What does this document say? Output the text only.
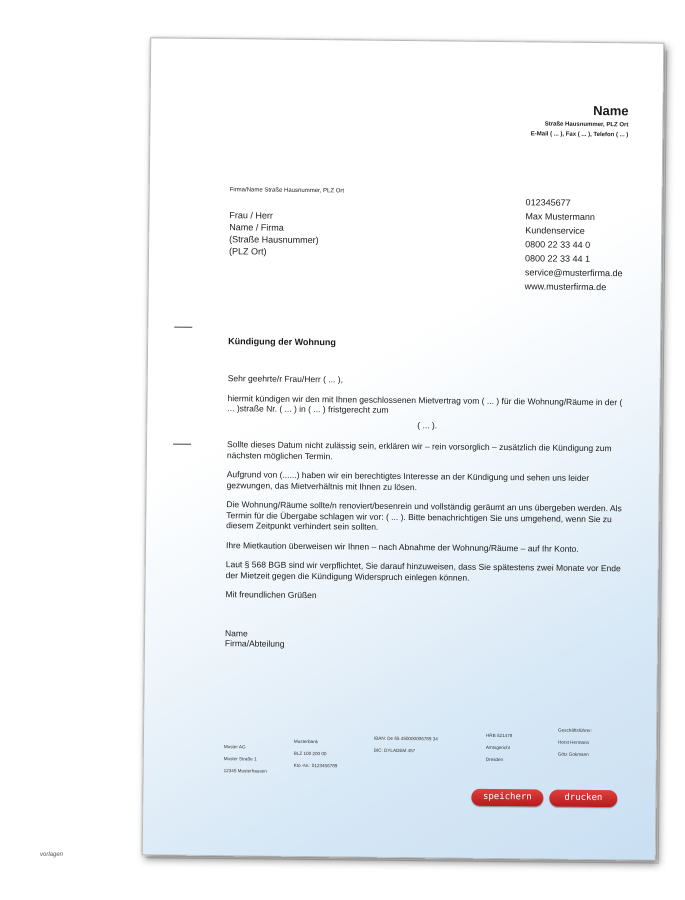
Name
Straße Hausnummer, PLZ Ort
E-Mail ( ... ), Fax ( ... ), Telefon ( ... )
Firma/Name Straße Hausnummer, PLZ Ort
Frau / Herr
Name / Firma
(Straße Hausnummer)
(PLZ Ort)
012345677
Max Mustermann
Kundenservice
0800 22 33 44 0
0800 22 33 44 1
service@musterfirma.de
www.musterfirma.de
Kündigung der Wohnung

Sehr geehrte/r Frau/Herr ( ... ),

hiermit kündigen wir den mit Ihnen geschlossenen Mietvertrag vom ( ... ) für die Wohnung/Räume in der ( ... )straße Nr. ( ... ) in ( ... ) fristgerecht zum

( ... ).

Sollte dieses Datum nicht zulässig sein, erklären wir – rein vorsorglich – zusätzlich die Kündigung zum nächsten möglichen Termin.

Aufgrund von (......) haben wir ein berechtigtes Interesse an der Kündigung und sehen uns leider gezwungen, das Mietverhältnis mit Ihnen zu lösen.

Die Wohnung/Räume sollte/n renoviert/besenrein und vollständig geräumt an uns übergeben werden. Als Termin für die Übergabe schlagen wir vor: ( ... ). Bitte benachrichtigen Sie uns umgehend, wenn Sie zu diesem Zeitpunkt verhindert sein sollten.

Ihre Mietkaution überweisen wir Ihnen – nach Abnahme der Wohnung/Räume – auf Ihr Konto.

Laut § 568 BGB sind wir verpflichtet, Sie darauf hinzuweisen, dass Sie spätestens zwei Monate vor Ende der Mietzeit gegen die Kündigung Widerspruch einlegen können.

Mit freundlichen Grüßen

Name
Firma/Abteilung

Muster AG
Muster Straße 1
12345 Musterhausen
Musterbank
BLZ 100 200 00
Kto.-Nr.: 0123456789
IBAN: De 65 450000006789 34
BIC: DYLADEM 457
HRB 521478
Amtsgericht
Dresden
Geschäftsführer:
Horst Hermann
Götz Gokmann
speichern	drucken
vorlagen
